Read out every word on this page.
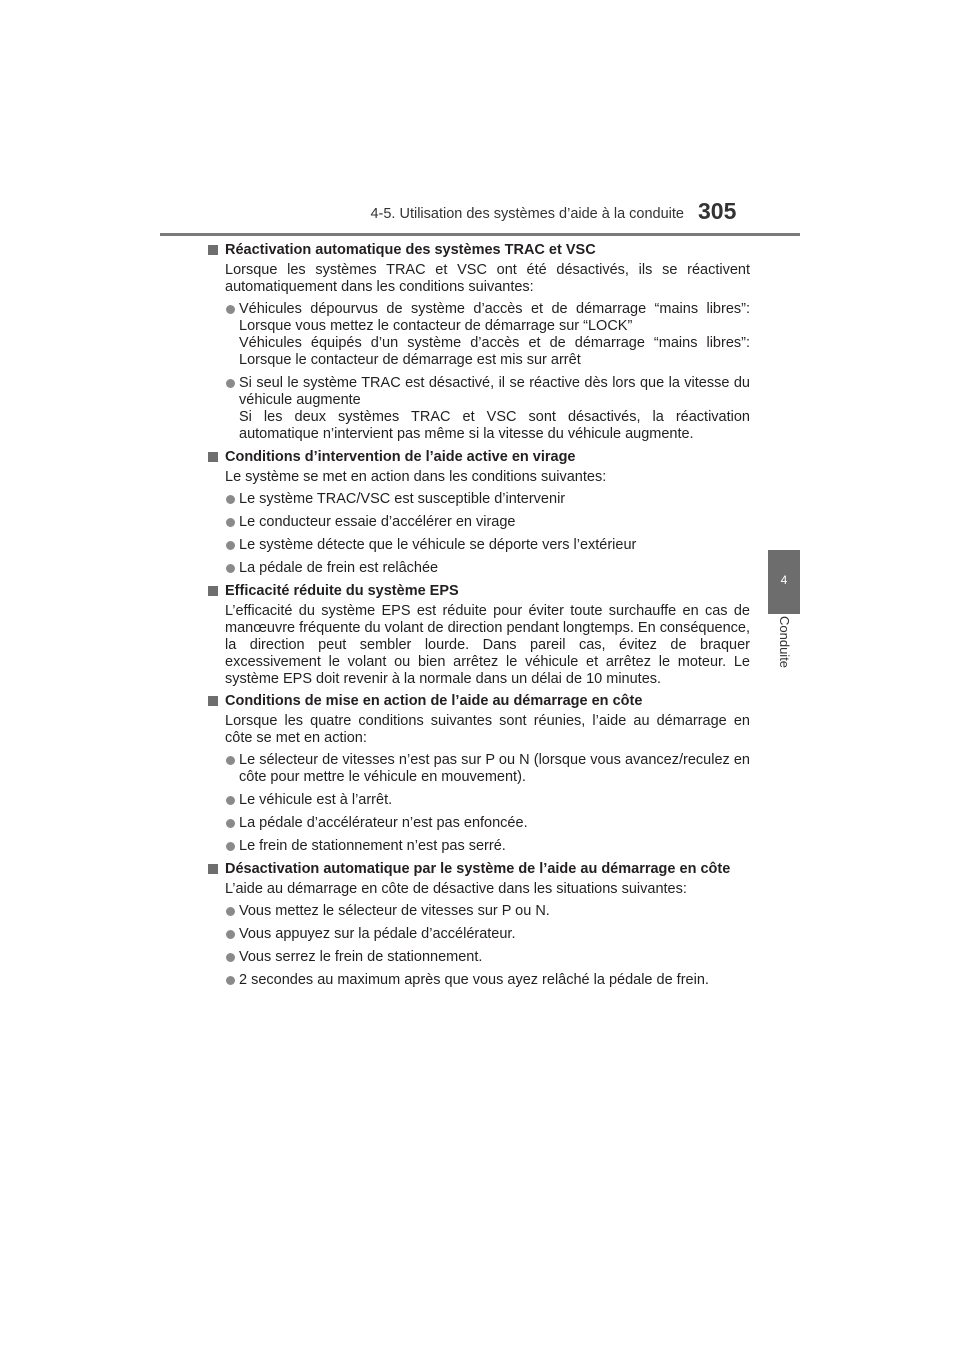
4-5. Utilisation des systèmes d’aide à la conduite 305
4
Conduite
Réactivation automatique des systèmes TRAC et VSC
Lorsque les systèmes TRAC et VSC ont été désactivés, ils se réactivent automatiquement dans les conditions suivantes:
Véhicules dépourvus de système d’accès et de démarrage “mains libres”: Lorsque vous mettez le contacteur de démarrage sur “LOCK”
Véhicules équipés d’un système d’accès et de démarrage “mains libres”: Lorsque le contacteur de démarrage est mis sur arrêt
Si seul le système TRAC est désactivé, il se réactive dès lors que la vitesse du véhicule augmente
Si les deux systèmes TRAC et VSC sont désactivés, la réactivation automatique n’intervient pas même si la vitesse du véhicule augmente.
Conditions d’intervention de l’aide active en virage
Le système se met en action dans les conditions suivantes:
Le système TRAC/VSC est susceptible d’intervenir
Le conducteur essaie d’accélérer en virage
Le système détecte que le véhicule se déporte vers l’extérieur
La pédale de frein est relâchée
Efficacité réduite du système EPS
L’efficacité du système EPS est réduite pour éviter toute surchauffe en cas de manœuvre fréquente du volant de direction pendant longtemps. En conséquence, la direction peut sembler lourde. Dans pareil cas, évitez de braquer excessivement le volant ou bien arrêtez le véhicule et arrêtez le moteur. Le système EPS doit revenir à la normale dans un délai de 10 minutes.
Conditions de mise en action de l’aide au démarrage en côte
Lorsque les quatre conditions suivantes sont réunies, l’aide au démarrage en côte se met en action:
Le sélecteur de vitesses n’est pas sur P ou N (lorsque vous avancez/reculez en côte pour mettre le véhicule en mouvement).
Le véhicule est à l’arrêt.
La pédale d’accélérateur n’est pas enfoncée.
Le frein de stationnement n’est pas serré.
Désactivation automatique par le système de l’aide au démarrage en côte
L’aide au démarrage en côte de désactive dans les situations suivantes:
Vous mettez le sélecteur de vitesses sur P ou N.
Vous appuyez sur la pédale d’accélérateur.
Vous serrez le frein de stationnement.
2 secondes au maximum après que vous ayez relâché la pédale de frein.
